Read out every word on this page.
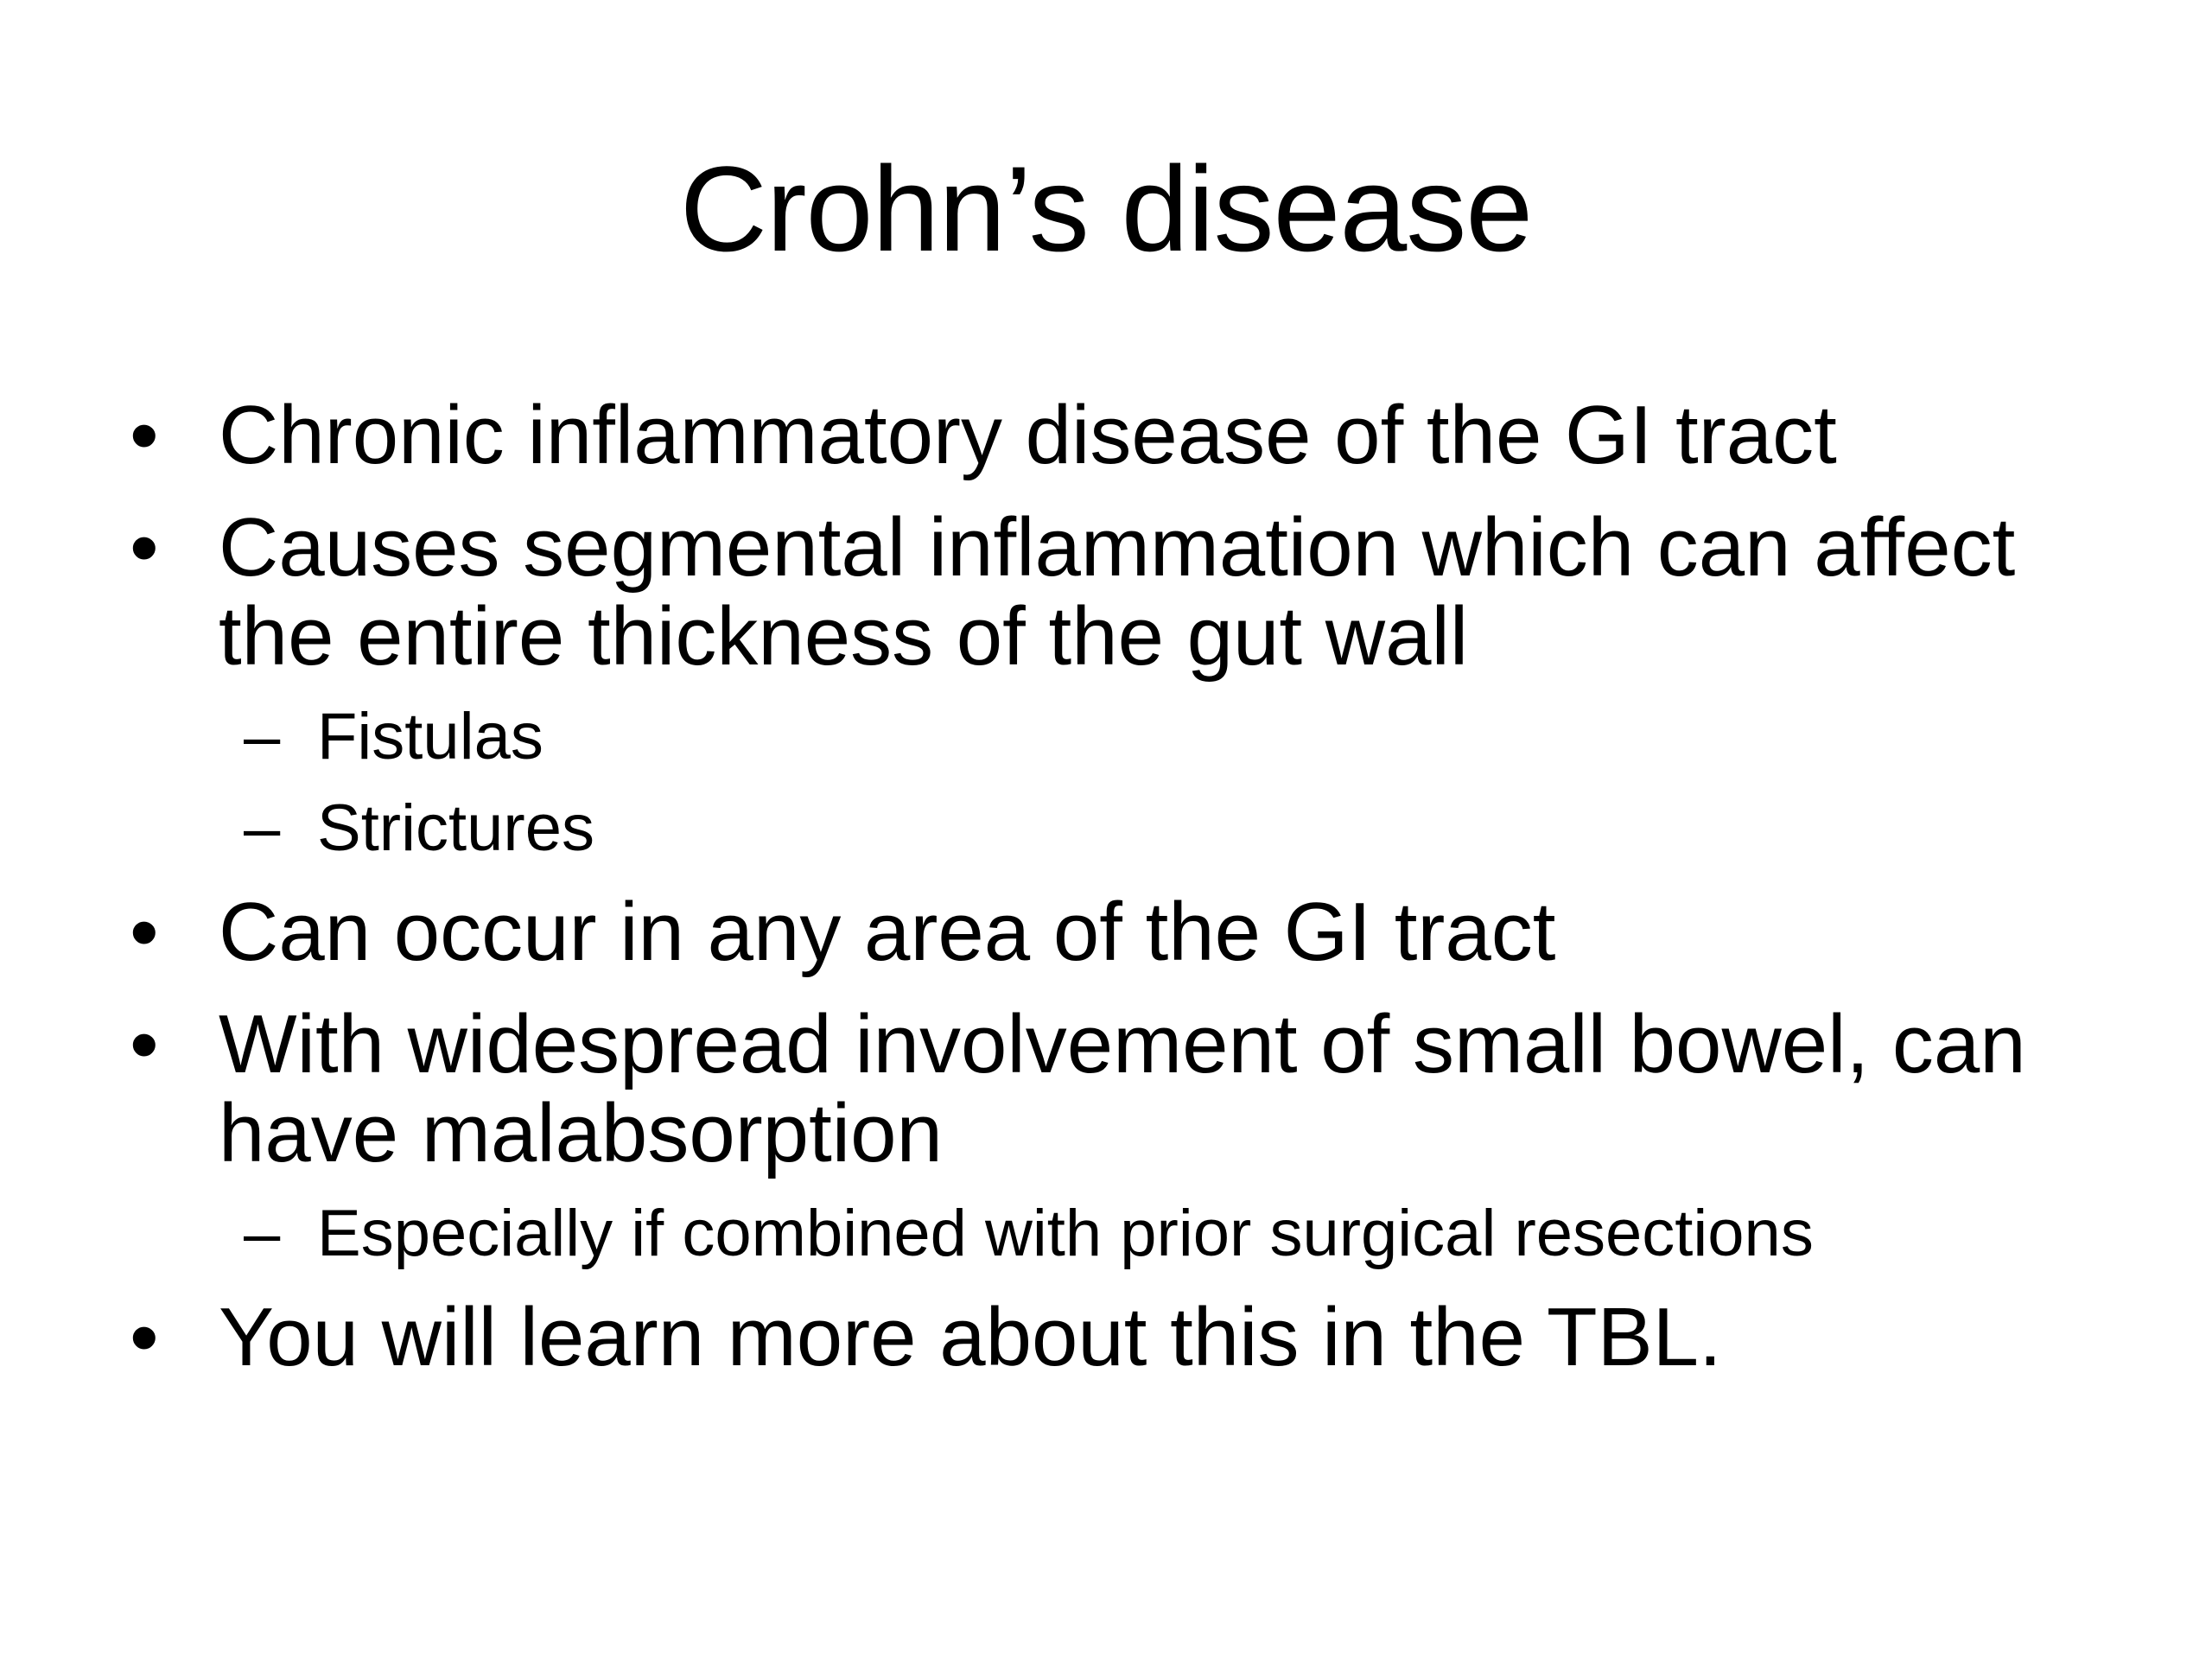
Crohn’s disease
• Chronic inflammatory disease of the GI tract
• Causes segmental inflammation which can affect the entire thickness of the gut wall
– Fistulas
– Strictures
• Can occur in any area of the GI tract
• With widespread involvement of small bowel, can have malabsorption
– Especially if combined with prior surgical resections
• You will learn more about this in the TBL.
